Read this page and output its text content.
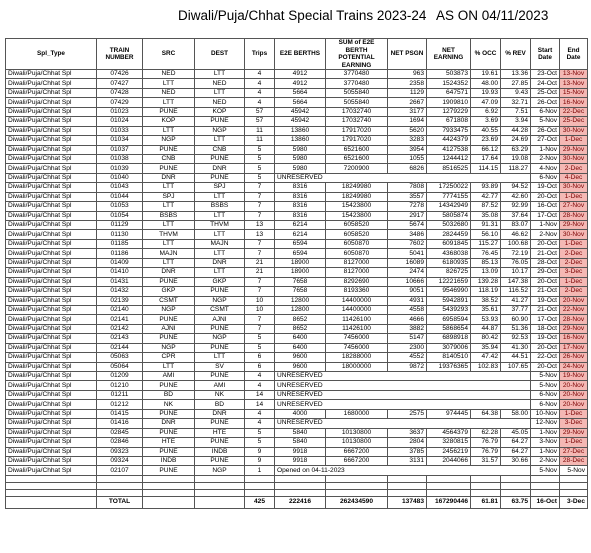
Diwali/Puja/Chhat Special Trains 2023-24 AS ON 04/11/2023
Spl_Type	TRAIN NUMBER	SRC	DEST	Trips	E2E BERTHS	SUM of E2E BERTH POTENTIAL EARNING	NET PSGN	NET EARNING	% OCC	% REV	Start Date	End Date
Diwali/Puja/Chhat Spl	07426	NED	LTT	4	4912	3770480	963	503873	19.61	13.36	23-Oct	13-Nov
Diwali/Puja/Chhat Spl	07427	LTT	NED	4	4912	3770480	2358	1524352	48.00	27.85	24-Oct	13-Nov
Diwali/Puja/Chhat Spl	07428	NED	LTT	4	5664	5055840	1129	647571	19.93	9.43	25-Oct	15-Nov
Diwali/Puja/Chhat Spl	07429	LTT	NED	4	5664	5055840	2667	1909810	47.09	32.71	26-Oct	16-Nov
Diwali/Puja/Chhat Spl	01023	PUNE	KOP	57	45942	17032740	3177	1279229	6.92	7.51	6-Nov	22-Dec
Diwali/Puja/Chhat Spl	01024	KOP	PUNE	57	45942	17032740	1694	671808	3.69	3.94	5-Nov	25-Dec
Diwali/Puja/Chhat Spl	01033	LTT	NGP	11	13860	17917020	5620	7933475	40.55	44.28	26-Oct	30-Nov
Diwali/Puja/Chhat Spl	01034	NGP	LTT	11	13860	17917020	3283	4424379	23.69	24.69	27-Oct	1-Dec
Diwali/Puja/Chhat Spl	01037	PUNE	CNB	5	5980	6521600	3954	4127538	66.12	63.29	1-Nov	29-Nov
Diwali/Puja/Chhat Spl	01038	CNB	PUNE	5	5980	6521600	1055	1244412	17.64	19.08	2-Nov	30-Nov
Diwali/Puja/Chhat Spl	01039	PUNE	DNR	5	5980	7200900	6826	8516525	114.15	118.27	4-Nov	2-Dec
Diwali/Puja/Chhat Spl	01040	DNR	PUNE	5	UNRESERVED						6-Nov	4-Dec
Diwali/Puja/Chhat Spl	01043	LTT	SPJ	7	8316	18249980	7808	17250022	93.89	94.52	19-Oct	30-Nov
Diwali/Puja/Chhat Spl	01044	SPJ	LTT	7	8316	18249980	3557	7774155	42.77	42.60	20-Oct	1-Dec
Diwali/Puja/Chhat Spl	01053	LTT	BSBS	7	8316	15423800	7278	14342949	87.52	92.99	16-Oct	27-Nov
Diwali/Puja/Chhat Spl	01054	BSBS	LTT	7	8316	15423800	2917	5805874	35.08	37.64	17-Oct	28-Nov
Diwali/Puja/Chhat Spl	01129	LTT	THVM	13	6214	6058520	5674	5032680	91.31	83.07	1-Nov	29-Nov
Diwali/Puja/Chhat Spl	01130	THVM	LTT	13	6214	6058520	3486	2824459	56.10	46.62	2-Nov	30-Nov
Diwali/Puja/Chhat Spl	01185	LTT	MAJN	7	6594	6050870	7602	6091845	115.27	100.68	20-Oct	1-Dec
Diwali/Puja/Chhat Spl	01186	MAJN	LTT	7	6594	6050870	5041	4368038	76.45	72.19	21-Oct	2-Dec
Diwali/Puja/Chhat Spl	01409	LTT	DNR	21	18900	8127000	16089	6180935	85.13	76.05	28-Oct	2-Dec
Diwali/Puja/Chhat Spl	01410	DNR	LTT	21	18900	8127000	2474	826725	13.09	10.17	29-Oct	3-Dec
Diwali/Puja/Chhat Spl	01431	PUNE	GKP	7	7658	8292690	10666	12221659	139.28	147.38	20-Oct	1-Dec
Diwali/Puja/Chhat Spl	01432	GKP	PUNE	7	7658	8193360	9051	9546990	118.19	116.52	21-Oct	2-Dec
Diwali/Puja/Chhat Spl	02139	CSMT	NGP	10	12800	14400000	4931	5942891	38.52	41.27	19-Oct	20-Nov
Diwali/Puja/Chhat Spl	02140	NGP	CSMT	10	12800	14400000	4558	5439293	35.61	37.77	21-Oct	22-Nov
Diwali/Puja/Chhat Spl	02141	PUNE	AJNI	7	8652	11426100	4666	6958594	53.93	60.90	17-Oct	28-Nov
Diwali/Puja/Chhat Spl	02142	AJNI	PUNE	7	8652	11426100	3882	5868654	44.87	51.36	18-Oct	29-Nov
Diwali/Puja/Chhat Spl	02143	PUNE	NGP	5	6400	7456000	5147	6898918	80.42	92.53	19-Oct	16-Nov
Diwali/Puja/Chhat Spl	02144	NGP	PUNE	5	6400	7456000	2300	3079006	35.94	41.30	20-Oct	17-Nov
Diwali/Puja/Chhat Spl	05063	CPR	LTT	6	9600	18288000	4552	8140510	47.42	44.51	22-Oct	26-Nov
Diwali/Puja/Chhat Spl	05064	LTT	SV	6	9600	18000000	9872	19376365	102.83	107.65	20-Oct	24-Nov
Diwali/Puja/Chhat Spl	01209	AMI	PUNE	4	UNRESERVED						5-Nov	19-Nov
Diwali/Puja/Chhat Spl	01210	PUNE	AMI	4	UNRESERVED						5-Nov	20-Nov
Diwali/Puja/Chhat Spl	01211	BD	NK	14	UNRESERVED						6-Nov	20-Nov
Diwali/Puja/Chhat Spl	01212	NK	BD	14	UNRESERVED						6-Nov	20-Nov
Diwali/Puja/Chhat Spl	01415	PUNE	DNR	4	4000	1680000	2575	974445	64.38	58.00	10-Nov	1-Dec
Diwali/Puja/Chhat Spl	01416	DNR	PUNE	4	UNRESERVED						12-Nov	3-Dec
Diwali/Puja/Chhat Spl	02845	PUNE	HTE	5	5840	10130800	3637	4564379	62.28	45.05	1-Nov	29-Nov
Diwali/Puja/Chhat Spl	02846	HTE	PUNE	5	5840	10130800	2804	3280815	76.79	64.27	3-Nov	1-Dec
Diwali/Puja/Chhat Spl	09323	PUNE	INDB	9	9918	6667200	3785	2456219	76.79	64.27	1-Nov	27-Dec
Diwali/Puja/Chhat Spl	09324	INDB	PUNE	9	9918	6667200	3131	2044066	31.57	30.66	2-Nov	28-Dec
Diwali/Puja/Chhat Spl	02107	PUNE	NGP	1	Opened on 04-11-2023						5-Nov	5-Nov

	TOTAL			425	222416	262434590	137483	167290446	61.81	63.75	16-Oct	3-Dec
